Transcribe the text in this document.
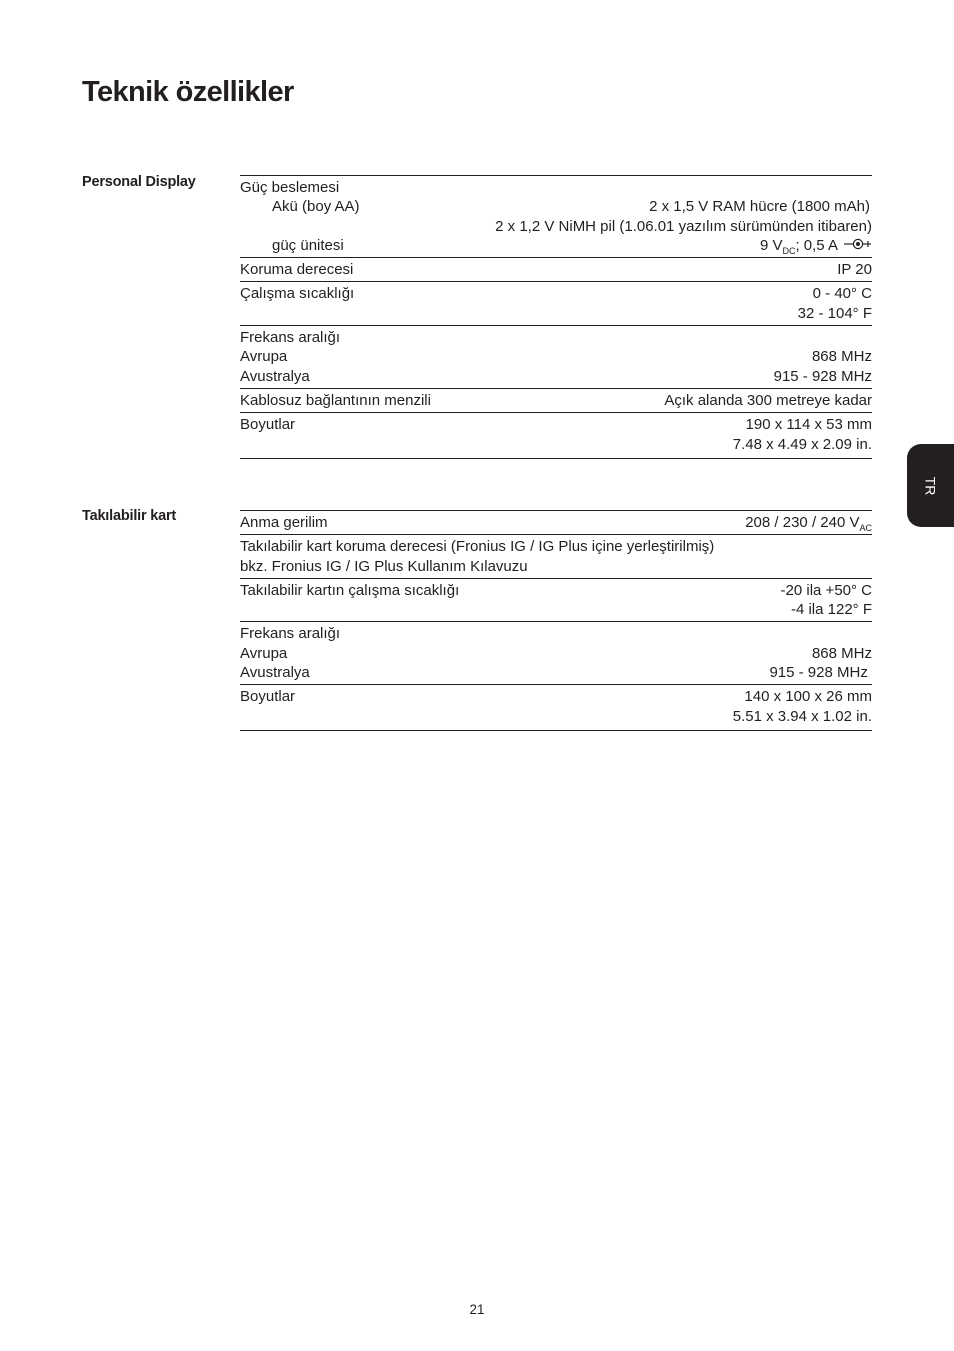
Teknik özellikler
TR
Personal Display	Güç beslemesi
Akü (boy AA)	2 x 1,5 V RAM hücre (1800 mAh)
2 x 1,2 V NiMH pil (1.06.01 yazılım sürümünden itibaren)
güç ünitesi	9 $V_{DC}$; 0,5 A
Koruma derecesi	IP 20
Çalışma sıcaklığı	0 - 40° C
32 - 104° F
Frekans aralığı
Avrupa	868 MHz
Avustralya	915 - 928 MHz
Kablosuz bağlantının menzili	Açık alanda 300 metreye kadar
Boyutlar	190 x 114 x 53 mm
7.48 x 4.49 x 2.09 in.
Takılabilir kart	Anma gerilim	208 / 230 / 240 $V_{AC}$
Takılabilir kart koruma derecesi (Fronius IG / IG Plus içine yerleştirilmiş)
bkz. Fronius IG / IG Plus Kullanım Kılavuzu
Takılabilir kartın çalışma sıcaklığı	-20 ila +50° C
-4 ila 122° F
Frekans aralığı
Avrupa	868 MHz
Avustralya	915 - 928 MHz
Boyutlar	140 x 100 x 26 mm
5.51 x 3.94 x 1.02 in.
21
